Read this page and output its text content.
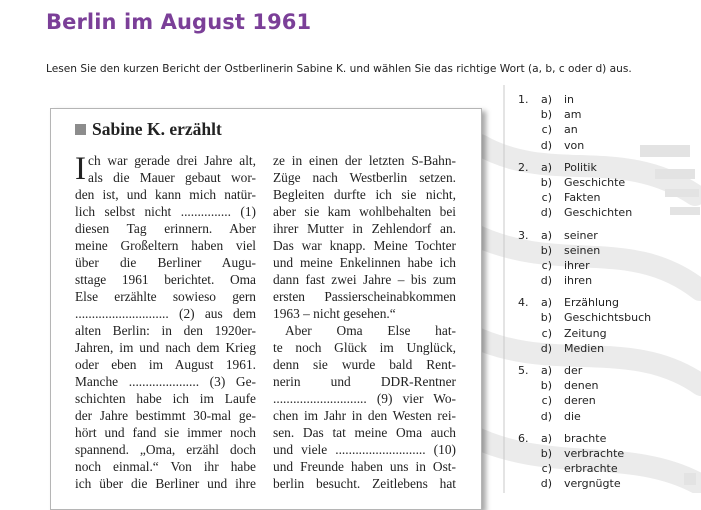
Berlin im August 1961

Lesen Sie den kurzen Bericht der Ostberlinerin Sabine K. und wählen Sie das richtige Wort (a, b, c oder d) aus.

Sabine K. erzählt
I ch war gerade drei Jahre alt,
als die Mauer gebaut wor-
den ist, und kann mich natür-
lich selbst nicht ............... (1)
diesen Tag erinnern. Aber
meine Großeltern haben viel
über die Berliner Augu-
sttage 1961 berichtet. Oma
Else erzählte sowieso gern
............................ (2) aus dem
alten Berlin: in den 1920er-
Jahren, im und nach dem Krieg
oder eben im August 1961.
Manche ..................... (3) Ge-
schichten habe ich im Laufe
der Jahre bestimmt 30-mal ge-
hört und fand sie immer noch
spannend. „Oma, erzähl doch
noch einmal.“ Von ihr habe
ich über die Berliner und ihre
ze in einen der letzten S-Bahn-
Züge nach Westberlin setzen.
Begleiten durfte ich sie nicht,
aber sie kam wohlbehalten bei
ihrer Mutter in Zehlendorf an.
Das war knapp. Meine Tochter
und meine Enkelinnen habe ich
dann fast zwei Jahre – bis zum
ersten Passierscheinabkommen
1963 – nicht gesehen.“
Aber Oma Else hat-
te noch Glück im Unglück,
denn sie wurde bald Rent-
nerin und DDR-Rentner
............................ (9) vier Wo-
chen im Jahr in den Westen rei-
sen. Das tat meine Oma auch
und viele ........................... (10)
und Freunde haben uns in Ost-
berlin besucht. Zeitlebens hat
1.	a) in
b) am
c) an
d) von
2.	a) Politik
b) Geschichte
c) Fakten
d) Geschichten
3.	a) seiner
b) seinen
c) ihrer
d) ihren
4.	a) Erzählung
b) Geschichtsbuch
c) Zeitung
d) Medien
5.	a) der
b) denen
c) deren
d) die
6.	a) brachte
b) verbrachte
c) erbrachte
d) vergnügte
